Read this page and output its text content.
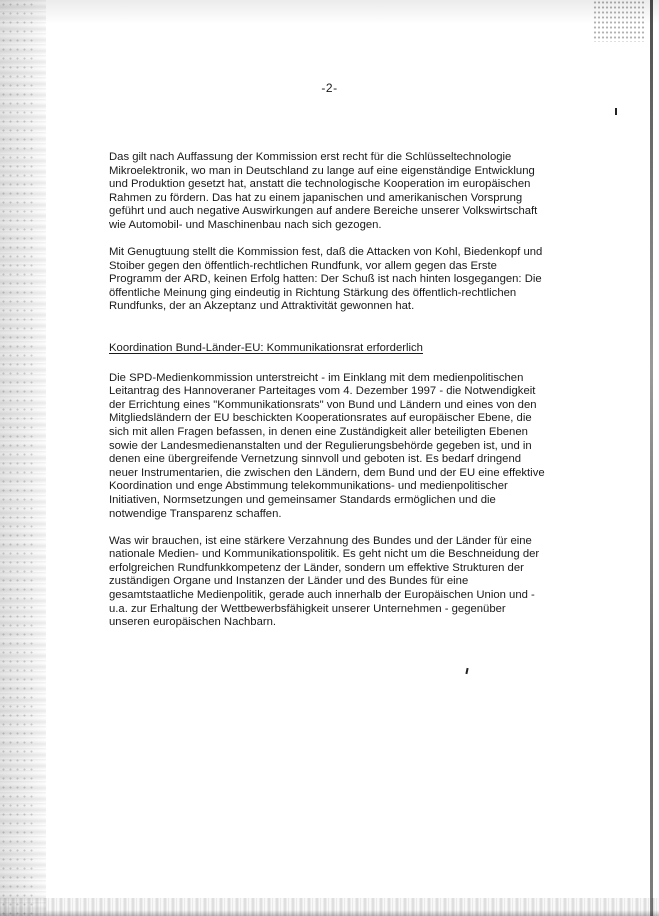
-2-
Das gilt nach Auffassung der Kommission erst recht für die Schlüsseltechnologie
Mikroelektronik, wo man in Deutschland zu lange auf eine eigenständige Entwicklung
und Produktion gesetzt hat, anstatt die technologische Kooperation im europäischen
Rahmen zu fördern. Das hat zu einem japanischen und amerikanischen Vorsprung
geführt und auch negative Auswirkungen auf andere Bereiche unserer Volkswirtschaft
wie Automobil- und Maschinenbau nach sich gezogen.
Mit Genugtuung stellt die Kommission fest, daß die Attacken von Kohl, Biedenkopf und
Stoiber gegen den öffentlich-rechtlichen Rundfunk, vor allem gegen das Erste
Programm der ARD, keinen Erfolg hatten: Der Schuß ist nach hinten losgegangen: Die
öffentliche Meinung ging eindeutig in Richtung Stärkung des öffentlich-rechtlichen
Rundfunks, der an Akzeptanz und Attraktivität gewonnen hat.
Koordination Bund-Länder-EU: Kommunikationsrat erforderlich
Die SPD-Medienkommission unterstreicht - im Einklang mit dem medienpolitischen
Leitantrag des Hannoveraner Parteitages vom 4. Dezember 1997 - die Notwendigkeit
der Errichtung eines "Kommunikationsrats" von Bund und Ländern und eines von den
Mitgliedsländern der EU beschickten Kooperationsrates auf europäischer Ebene, die
sich mit allen Fragen befassen, in denen eine Zuständigkeit aller beteiligten Ebenen
sowie der Landesmedienanstalten und der Regulierungsbehörde gegeben ist, und in
denen eine übergreifende Vernetzung sinnvoll und geboten ist. Es bedarf dringend
neuer Instrumentarien, die zwischen den Ländern, dem Bund und der EU eine effektive
Koordination und enge Abstimmung telekommunikations- und medienpolitischer
Initiativen, Normsetzungen und gemeinsamer Standards ermöglichen und die
notwendige Transparenz schaffen.
Was wir brauchen, ist eine stärkere Verzahnung des Bundes und der Länder für eine
nationale Medien- und Kommunikationspolitik. Es geht nicht um die Beschneidung der
erfolgreichen Rundfunkkompetenz der Länder, sondern um effektive Strukturen der
zuständigen Organe und Instanzen der Länder und des Bundes für eine
gesamtstaatliche Medienpolitik, gerade auch innerhalb der Europäischen Union und -
u.a. zur Erhaltung der Wettbewerbsfähigkeit unserer Unternehmen - gegenüber
unseren europäischen Nachbarn.
